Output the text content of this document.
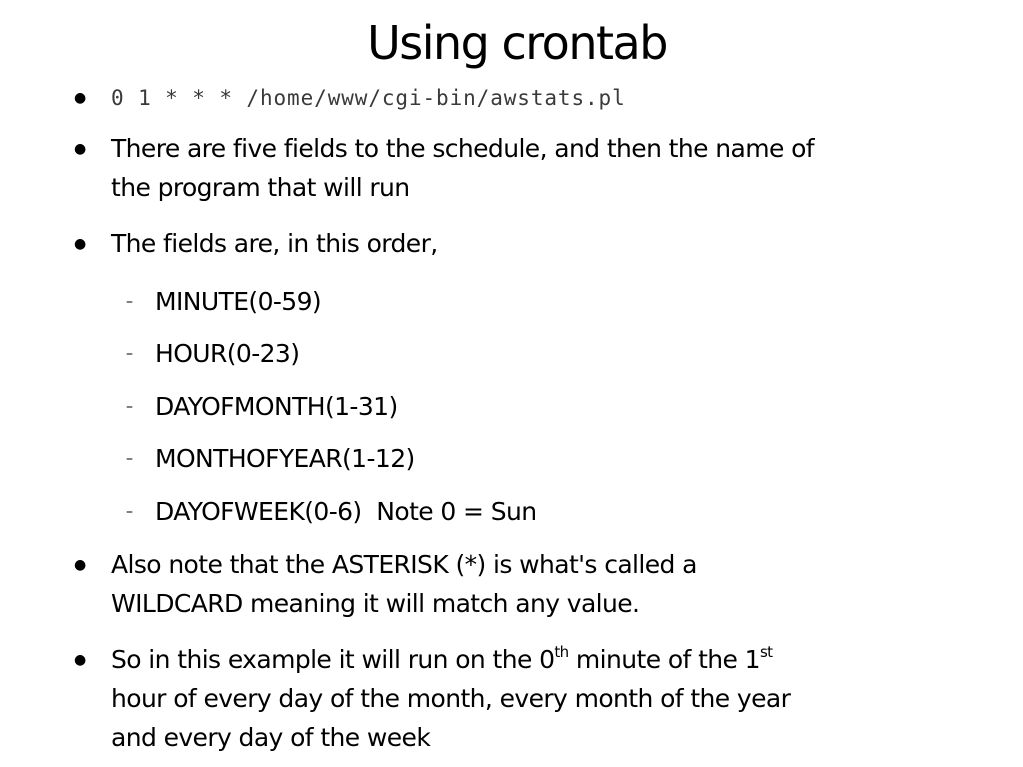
Using crontab
● 0 1 * * * /home/www/cgi-bin/awstats.pl
● There are five fields to the schedule, and then the name of
the program that will run
● The fields are, in this order,
– MINUTE(0-59)
– HOUR(0-23)
– DAYOFMONTH(1-31)
– MONTHOFYEAR(1-12)
– DAYOFWEEK(0-6)  Note 0 = Sun
● Also note that the ASTERISK (*) is what's called a
WILDCARD meaning it will match any value.
● So in this example it will run on the 0th minute of the 1st
hour of every day of the month, every month of the year
and every day of the week
